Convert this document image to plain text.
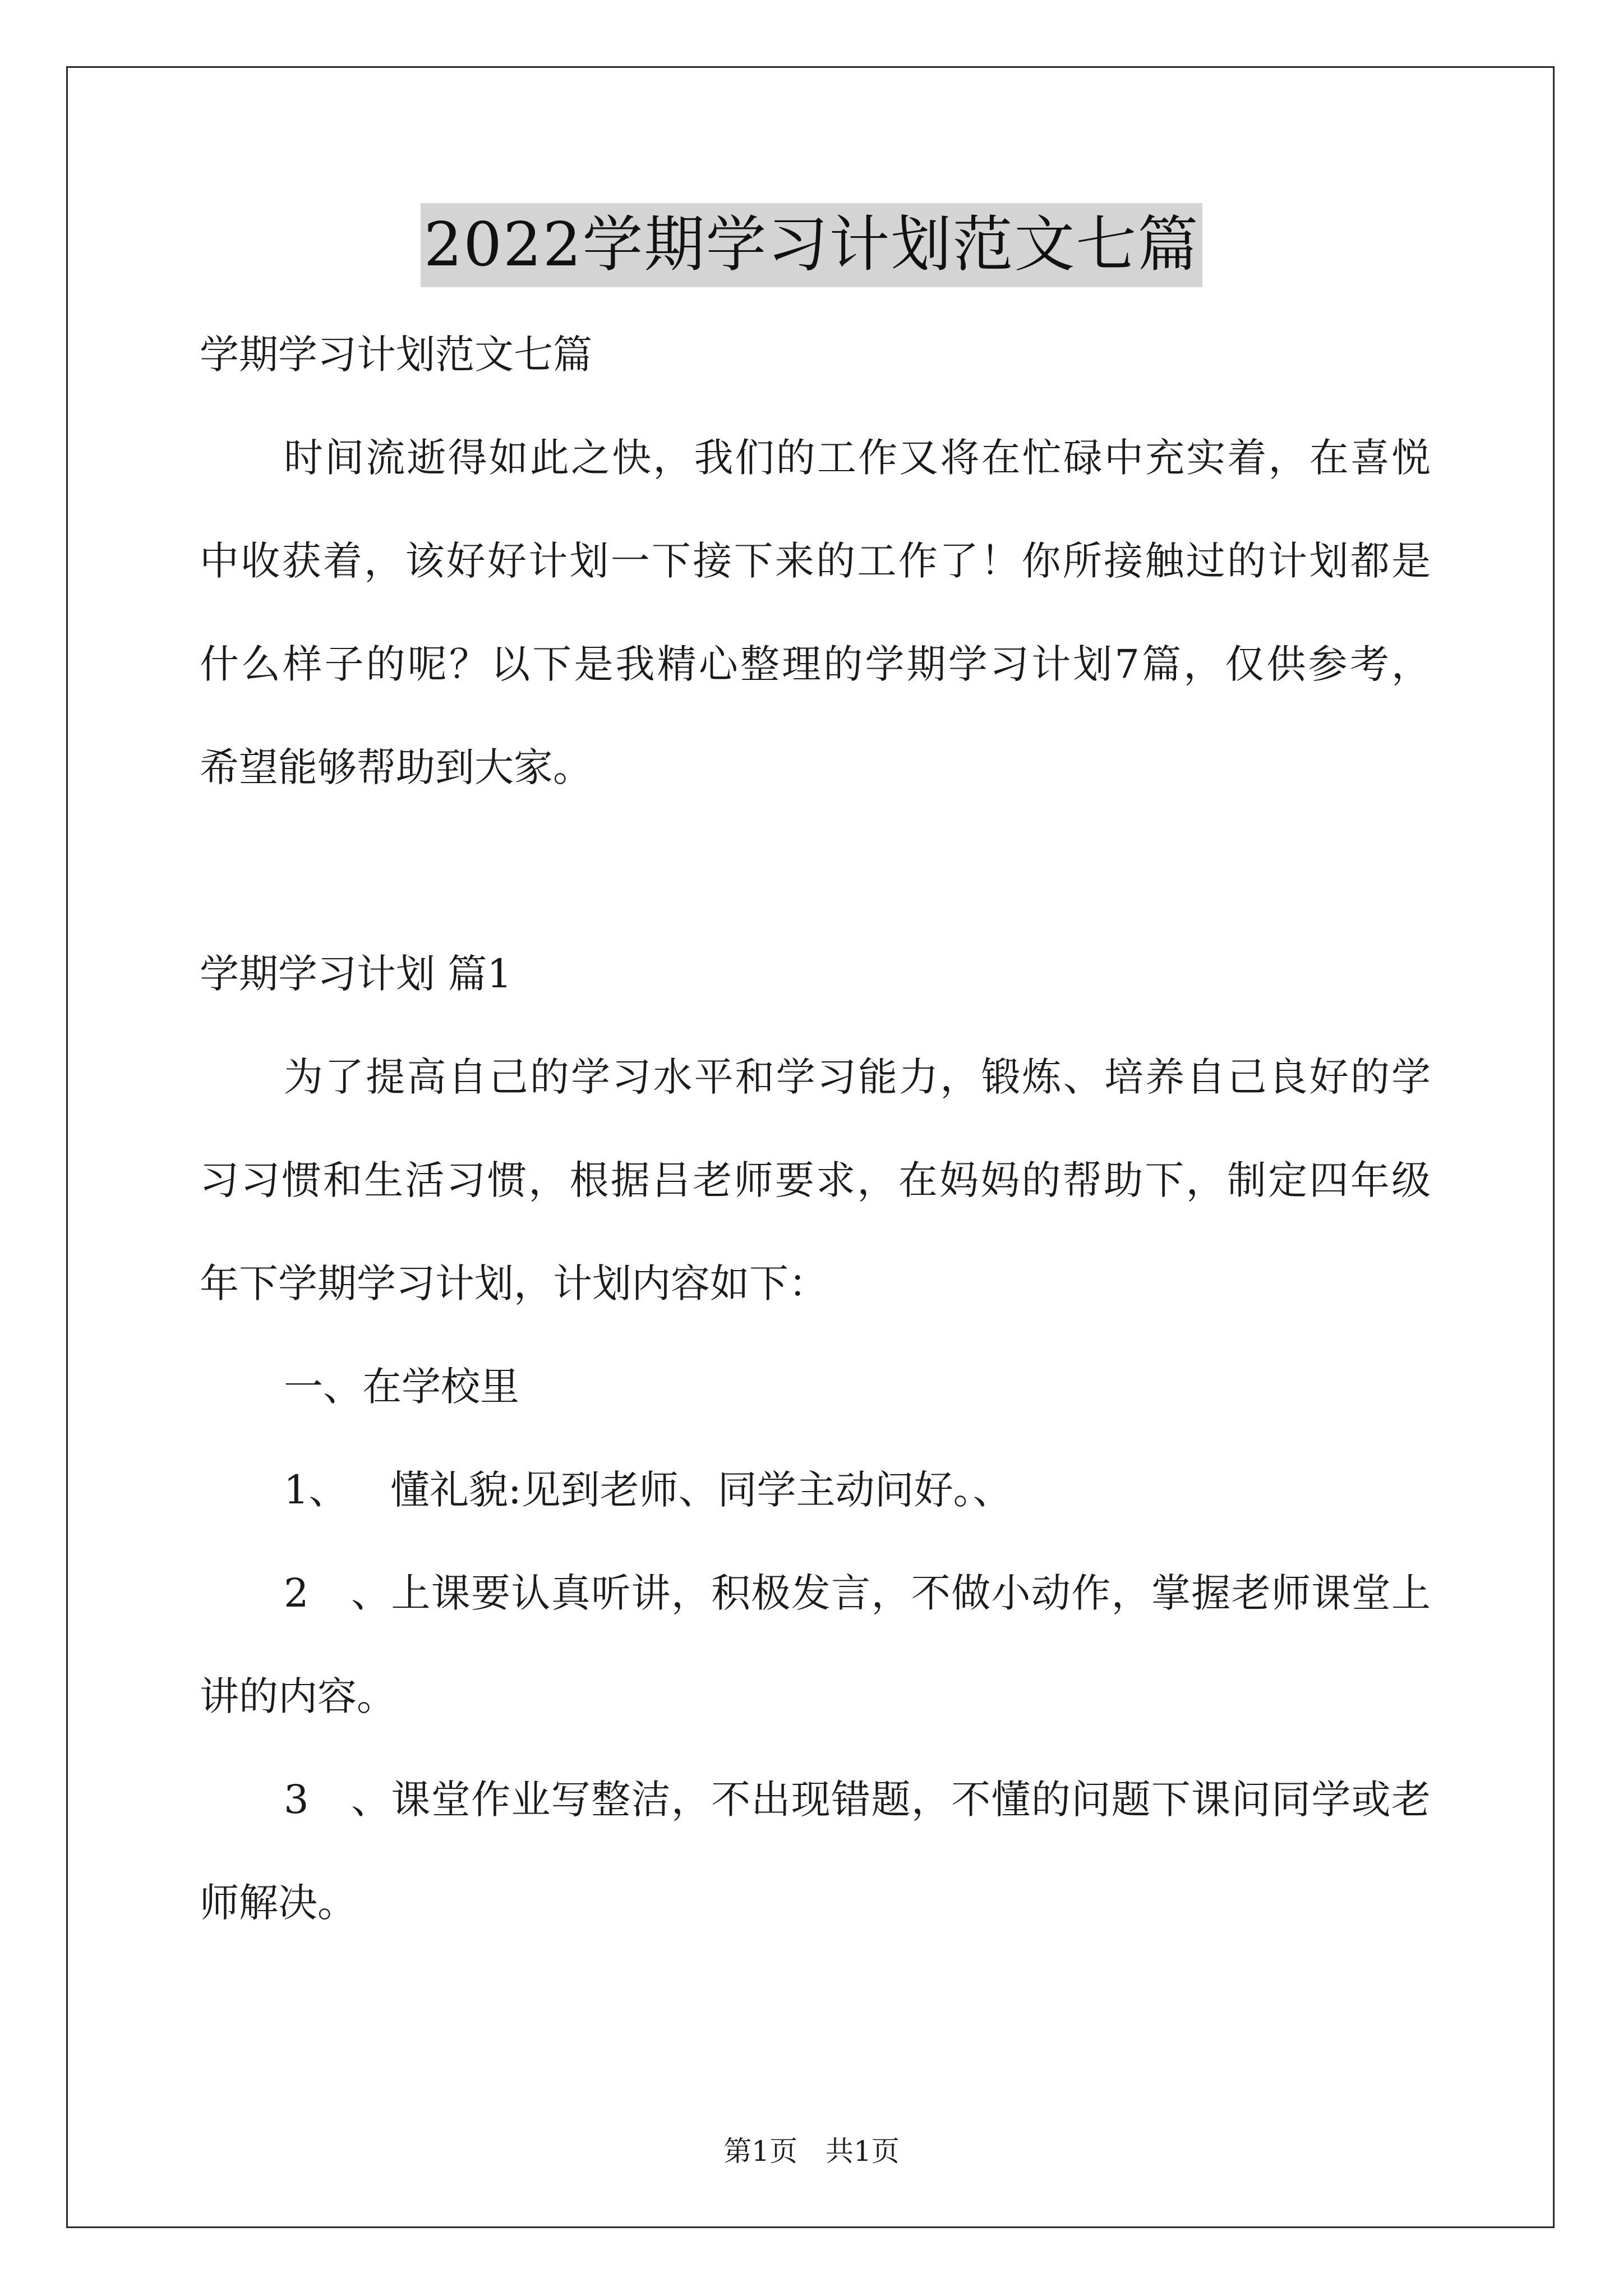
2022学期学习计划范文七篇
学期学习计划范文七篇
时间流逝得如此之快，我们的工作又将在忙碌中充实着，在喜悦
中收获着，该好好计划一下接下来的工作了！你所接触过的计划都是
什么样子的呢？以下是我精心整理的学期学习计划7篇，仅供参考，
希望能够帮助到大家。
学期学习计划 篇1
为了提高自己的学习水平和学习能力，锻炼、培养自己良好的学
习习惯和生活习惯，根据吕老师要求，在妈妈的帮助下，制定四年级
年下学期学习计划，计划内容如下：
一、在学校里
1、 懂礼貌:见到老师、同学主动问好。、
2、上课要认真听讲，积极发言，不做小动作，掌握老师课堂上
讲的内容。
3、课堂作业写整洁，不出现错题，不懂的问题下课问同学或老
师解决。
第1页 共1页
